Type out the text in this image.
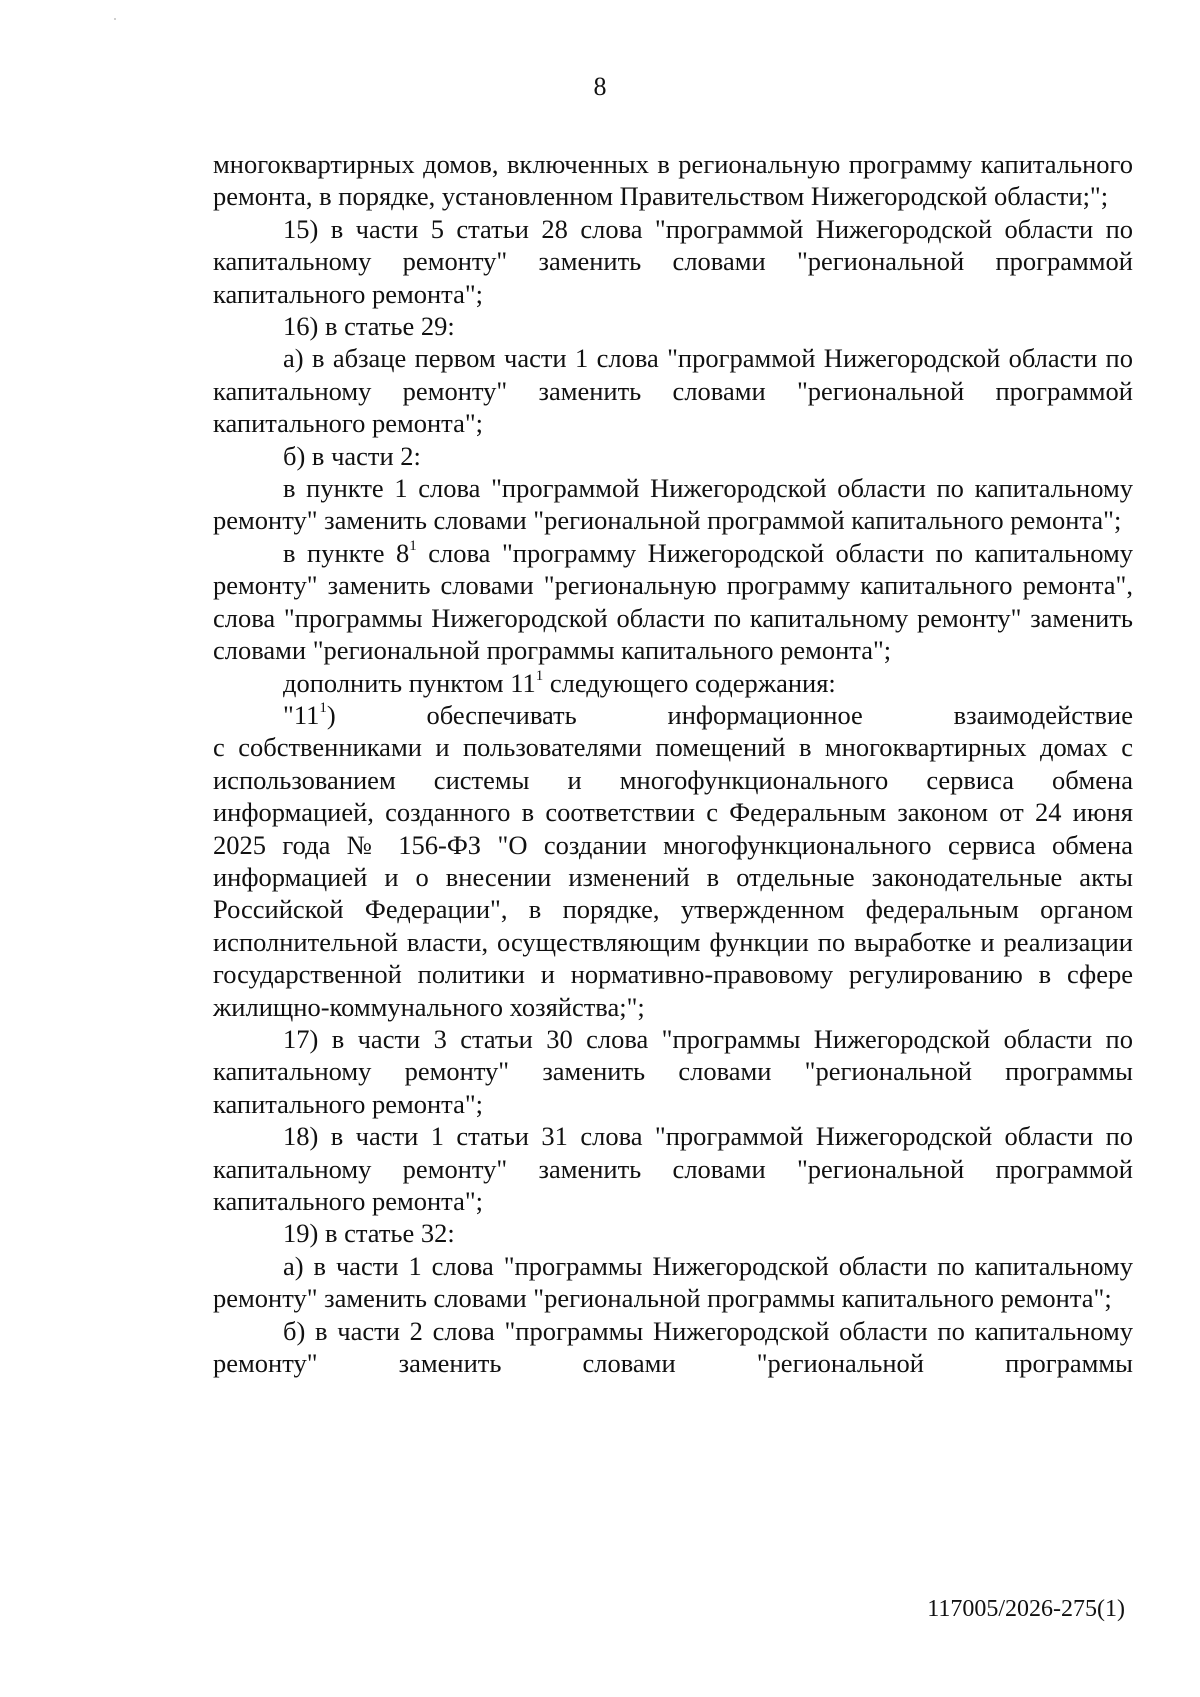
8

многоквартирных домов, включенных в региональную программу капитального ремонта, в порядке, установленном Правительством Нижегородской области;";

15) в части 5 статьи 28 слова "программой Нижегородской области по капитальному ремонту" заменить словами "региональной программой капитального ремонта";

16) в статье 29:

а) в абзаце первом части 1 слова "программой Нижегородской области по капитальному ремонту" заменить словами "региональной программой капитального ремонта";

б) в части 2:

в пункте 1 слова "программой Нижегородской области по капитальному ремонту" заменить словами "региональной программой капитального ремонта";

в пункте $8^1$ слова "программу Нижегородской области по капитальному ремонту" заменить словами "региональную программу капитального ремонта", слова "программы Нижегородской области по капитальному ремонту" заменить словами "региональной программы капитального ремонта";

дополнить пунктом $11^1$ следующего содержания:

"$11^1$) обеспечивать информационное взаимодействие

с собственниками и пользователями помещений в многоквартирных домах с использованием системы и многофункционального сервиса обмена информацией, созданного в соответствии с Федеральным законом от 24 июня 2025 года № 156-ФЗ "О создании многофункционального сервиса обмена информацией и о внесении изменений в отдельные законодательные акты Российской Федерации", в порядке, утвержденном федеральным органом исполнительной власти, осуществляющим функции по выработке и реализации государственной политики и нормативно-правовому регулированию в сфере жилищно-коммунального хозяйства;";

17) в части 3 статьи 30 слова "программы Нижегородской области по капитальному ремонту" заменить словами "региональной программы капитального ремонта";

18) в части 1 статьи 31 слова "программой Нижегородской области по капитальному ремонту" заменить словами "региональной программой капитального ремонта";

19) в статье 32:

а) в части 1 слова "программы Нижегородской области по капитальному ремонту" заменить словами "региональной программы капитального ремонта";

б) в части 2 слова "программы Нижегородской области по капитальному ремонту" заменить словами "региональной программы

117005/2026-275(1)
